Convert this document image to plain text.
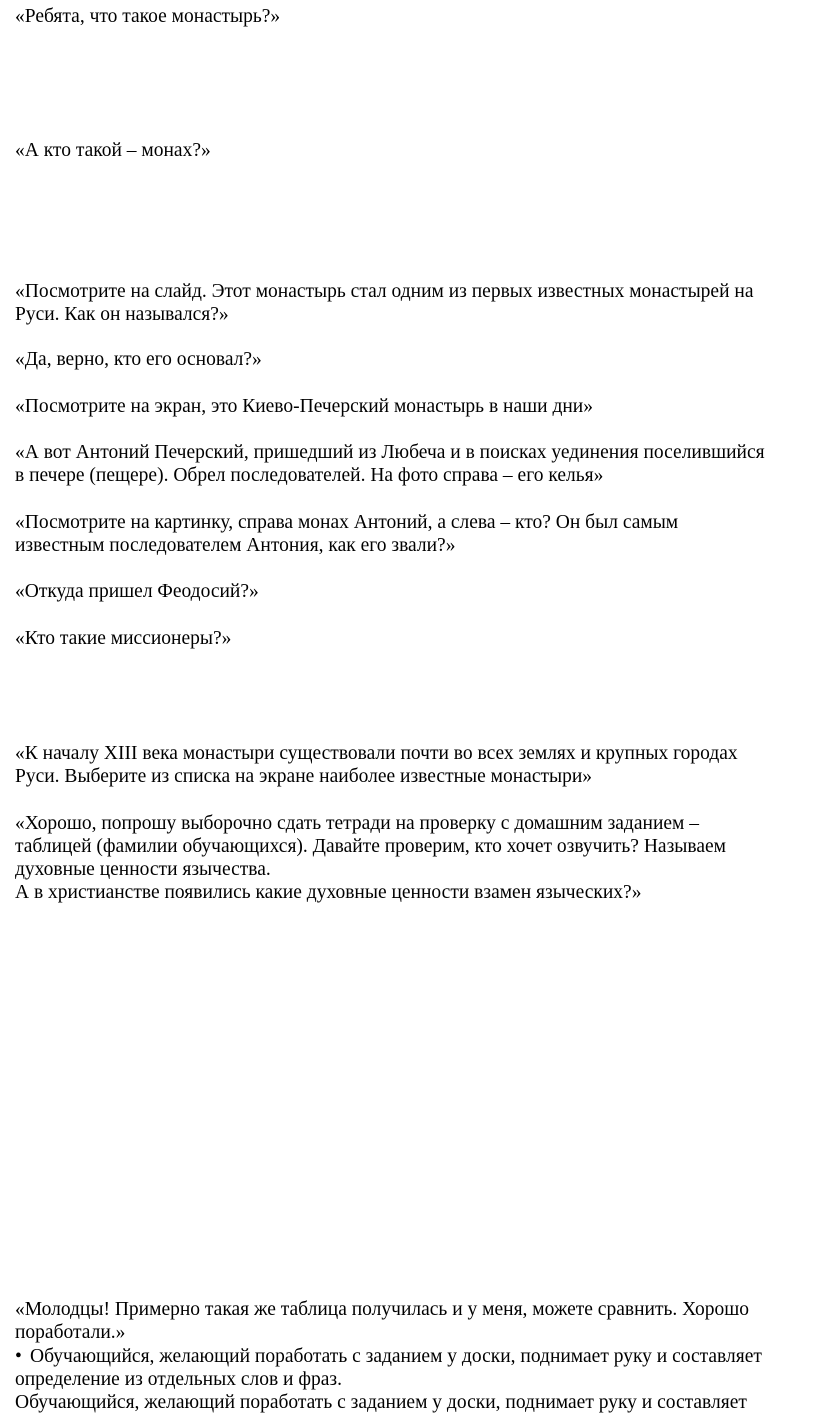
«Ребята, что такое монастырь?»

«А кто такой – монах?»

«Посмотрите на слайд. Этот монастырь стал одним из первых известных монастырей на
Руси. Как он назывался?»

«Да, верно, кто его основал?»

«Посмотрите на экран, это Киево-Печерский монастырь в наши дни»

«А вот Антоний Печерский, пришедший из Любеча и в поисках уединения поселившийся
в печере (пещере). Обрел последователей. На фото справа – его келья»

«Посмотрите на картинку, справа монах Антоний, а слева – кто? Он был самым
известным последователем Антония, как его звали?»

«Откуда пришел Феодосий?»

«Кто такие миссионеры?»

«К началу XIII века монастыри существовали почти во всех землях и крупных городах
Руси. Выберите из списка на экране наиболее известные монастыри»

«Хорошо, попрошу выборочно сдать тетради на проверку с домашним заданием –
таблицей (фамилии обучающихся). Давайте проверим, кто хочет озвучить? Называем
духовные ценности язычества.
А в христианстве появились какие духовные ценности взамен языческих?»

«Молодцы! Примерно такая же таблица получилась и у меня, можете сравнить. Хорошо
поработали.»

• Обучающийся, желающий поработать с заданием у доски, поднимает руку и составляет
определение из отдельных слов и фраз.

Обучающийся, желающий поработать с заданием у доски, поднимает руку и составляет
